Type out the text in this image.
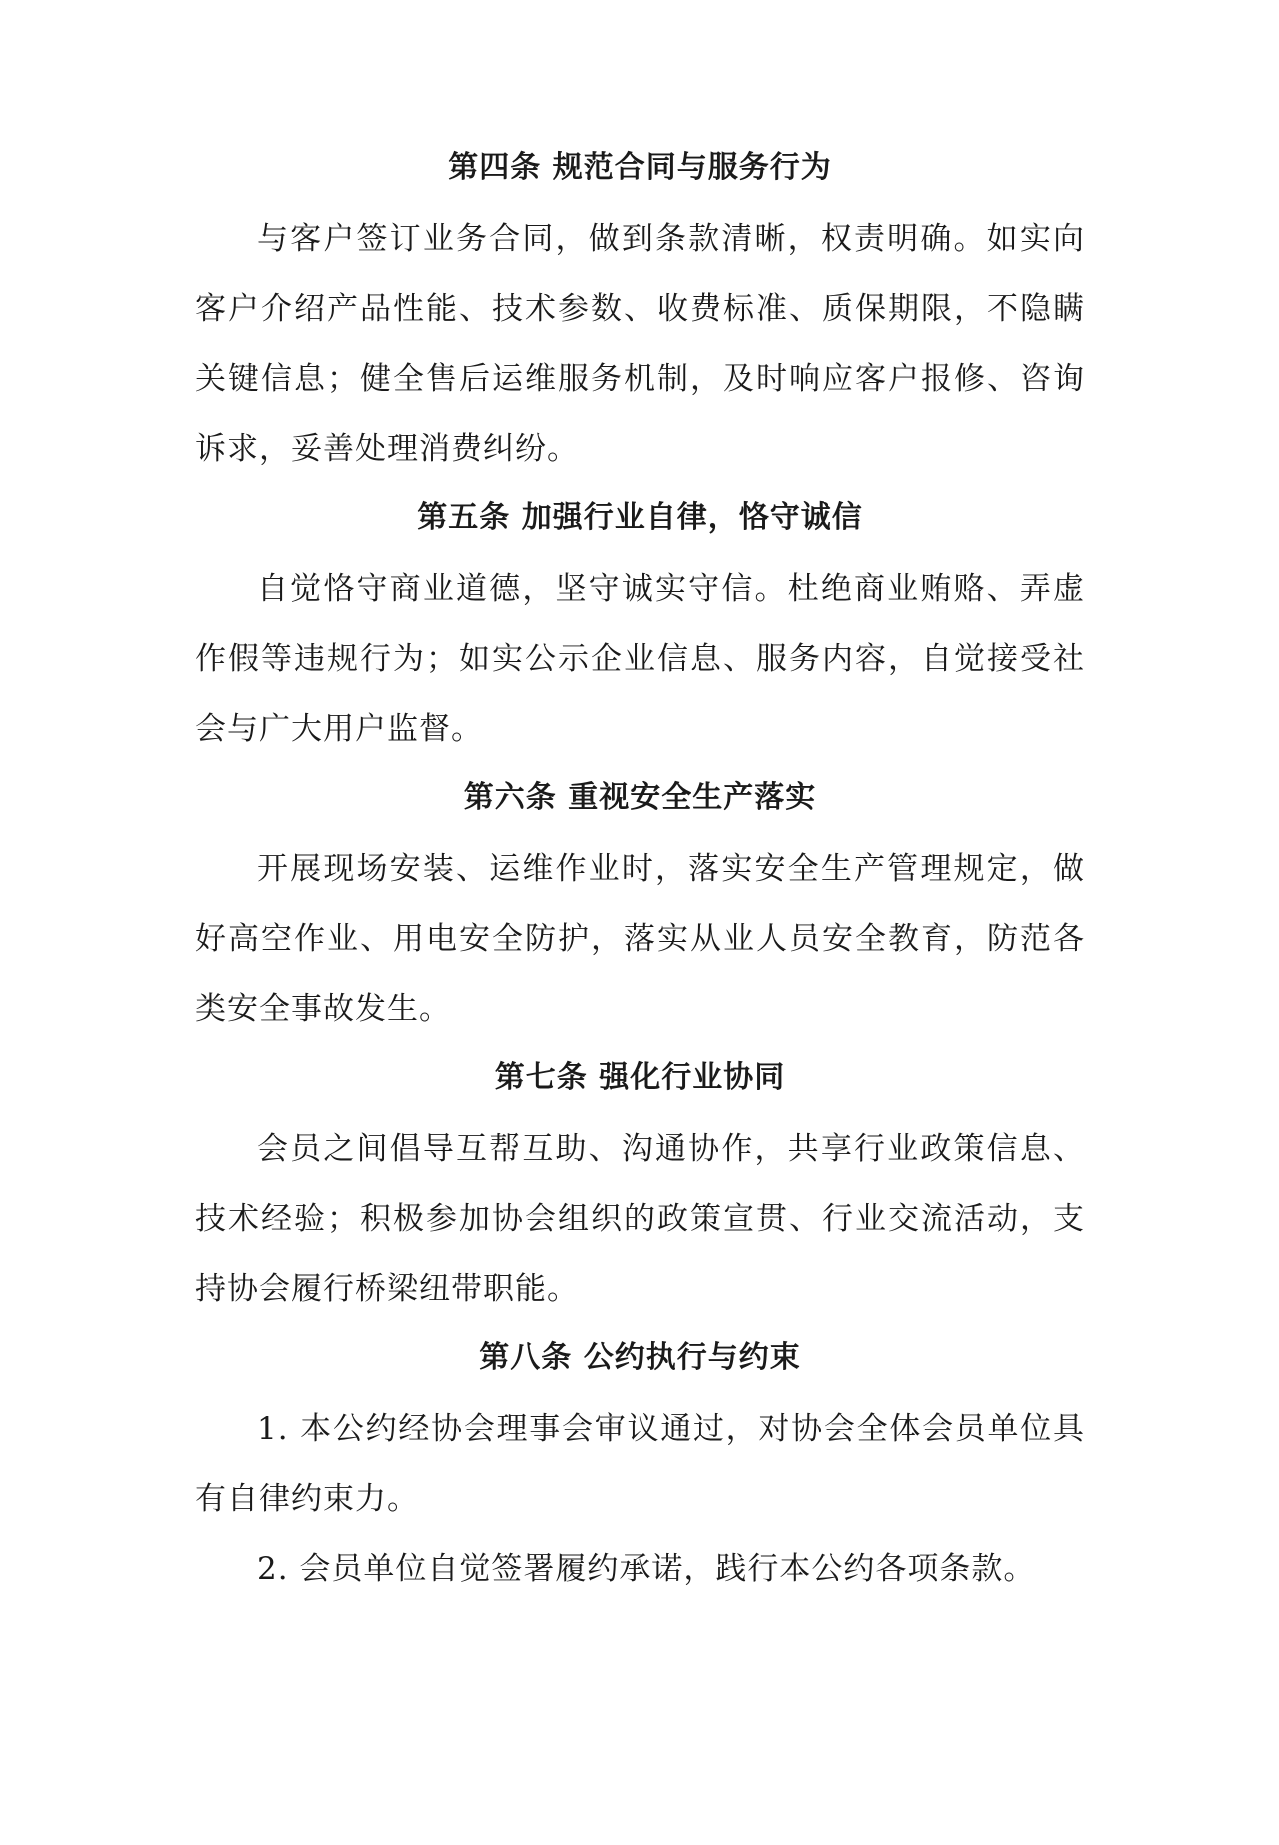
第四条 规范合同与服务行为

与客户签订业务合同，做到条款清晰，权责明确。如实向客户介绍产品性能、技术参数、收费标准、质保期限，不隐瞒关键信息；健全售后运维服务机制，及时响应客户报修、咨询诉求，妥善处理消费纠纷。

第五条 加强行业自律，恪守诚信

自觉恪守商业道德，坚守诚实守信。杜绝商业贿赂、弄虚作假等违规行为；如实公示企业信息、服务内容，自觉接受社会与广大用户监督。

第六条 重视安全生产落实

开展现场安装、运维作业时，落实安全生产管理规定，做好高空作业、用电安全防护，落实从业人员安全教育，防范各类安全事故发生。

第七条 强化行业协同

会员之间倡导互帮互助、沟通协作，共享行业政策信息、技术经验；积极参加协会组织的政策宣贯、行业交流活动，支持协会履行桥梁纽带职能。

第八条 公约执行与约束

1. 本公约经协会理事会审议通过，对协会全体会员单位具有自律约束力。

2. 会员单位自觉签署履约承诺，践行本公约各项条款。
